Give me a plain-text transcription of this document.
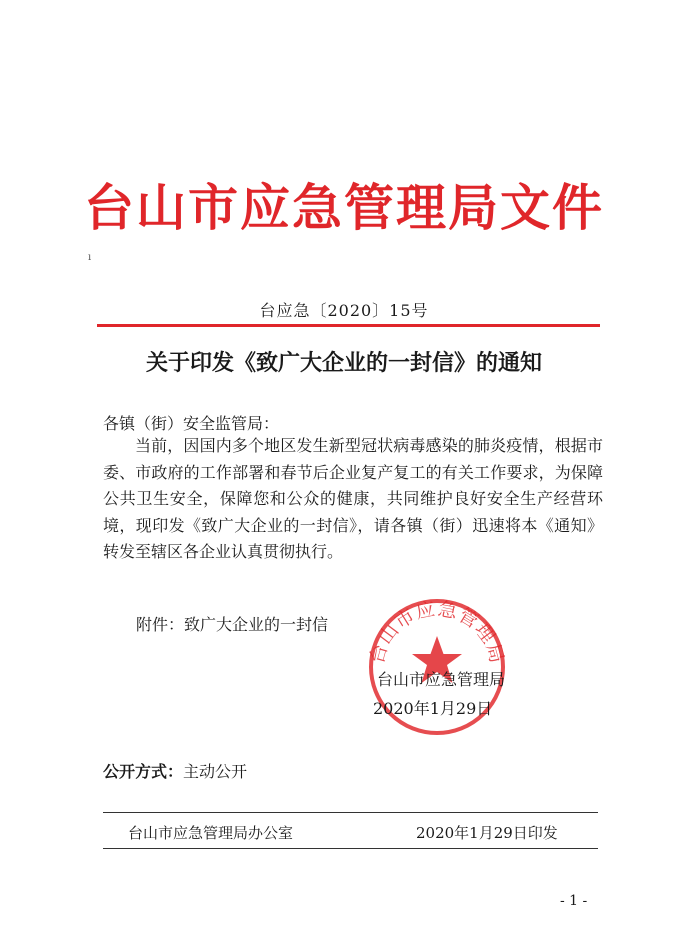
ı
台山市应急管理局文件
台应急〔2020〕15号
关于印发《致广大企业的一封信》的通知
各镇（街）安全监管局：

当前，因国内多个地区发生新型冠状病毒感染的肺炎疫情，根据市委、市政府的工作部署和春节后企业复产复工的有关工作要求，为保障公共卫生安全，保障您和公众的健康，共同维护良好安全生产经营环境，现印发《致广大企业的一封信》，请各镇（街）迅速将本《通知》转发至辖区各企业认真贯彻执行。

附件：致广大企业的一封信
台山市应急管理局
台山市应急管理局
2020年1月29日
公开方式：主动公开
台山市应急管理局办公室	2020年1月29日印发
- 1 -
